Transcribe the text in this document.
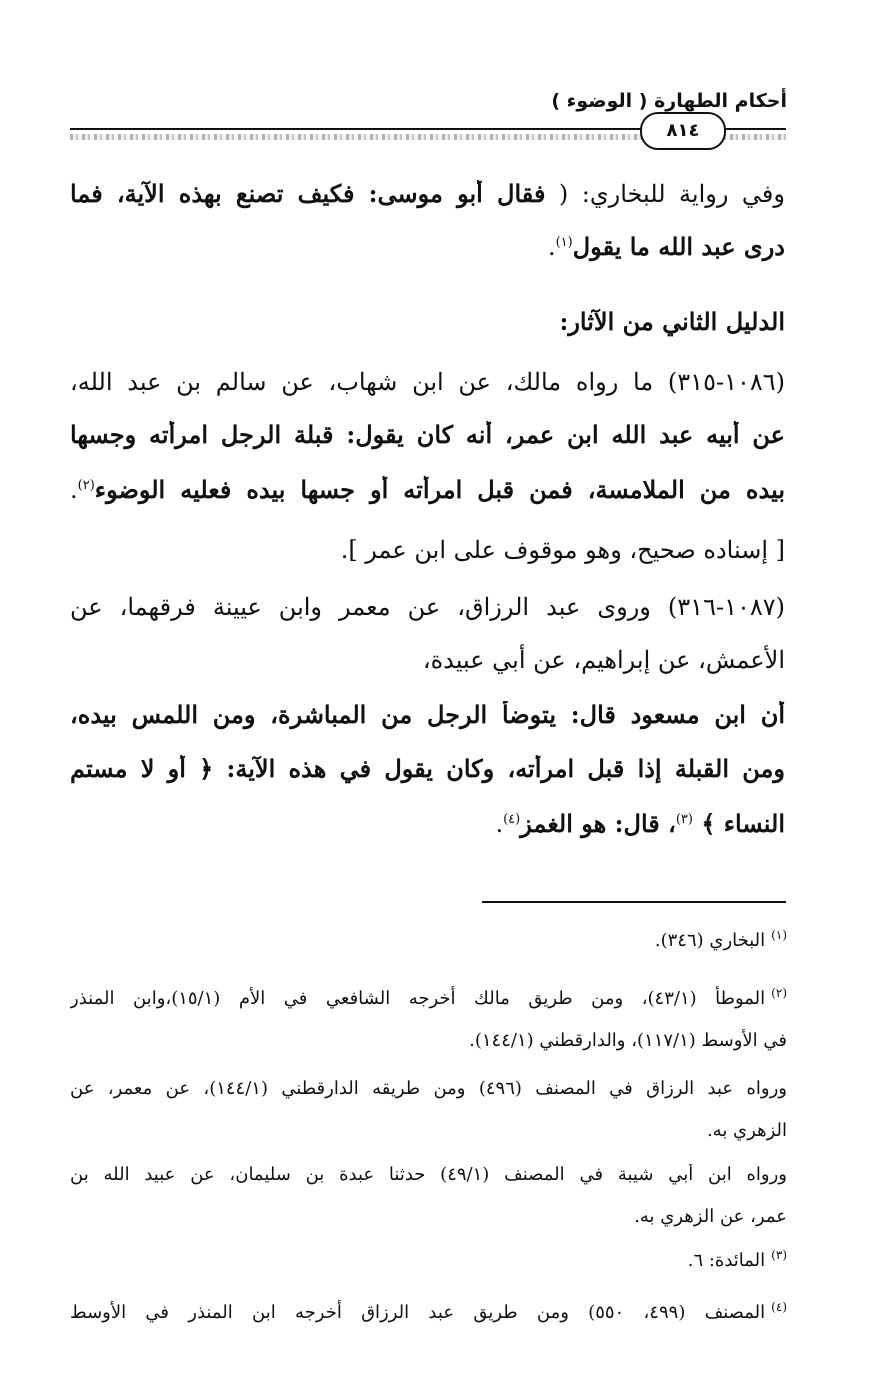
أحكام الطهارة ( الوضوء )
٨١٤
وفي رواية للبخاري: ( فقال أبو موسى: فكيف تصنع بهذه الآية، فما
درى عبد الله ما يقول$^{(١)}$.
الدليل الثاني من الآثار:
(١٠٨٦-٣١٥) ما رواه مالك، عن ابن شهاب، عن سالم بن عبد الله،
عن أبيه عبد الله ابن عمر، أنه كان يقول: قبلة الرجل امرأته وجسها
بيده من الملامسة، فمن قبل امرأته أو جسها بيده فعليه الوضوء$^{(٢)}$.
[ إسناده صحيح، وهو موقوف على ابن عمر ].
(١٠٨٧-٣١٦) وروى عبد الرزاق، عن معمر وابن عيينة فرقهما، عن
الأعمش، عن إبراهيم، عن أبي عبيدة،
أن ابن مسعود قال: يتوضأ الرجل من المباشرة، ومن اللمس بيده،
ومن القبلة إذا قبل امرأته، وكان يقول في هذه الآية: ﴿ أو لا مستم
النساء ﴾ $^{(٣)}$، قال: هو الغمز$^{(٤)}$.
$^{(١)}$البخاري (٣٤٦).
$^{(٢)}$الموطأ (٤٣/١)، ومن طريق مالك أخرجه الشافعي في الأم (١٥/١)،وابن المنذر
في الأوسط (١١٧/١)، والدارقطني (١٤٤/١).
ورواه عبد الرزاق في المصنف (٤٩٦) ومن طريقه الدارقطني (١٤٤/١)، عن معمر، عن
الزهري به.
ورواه ابن أبي شيبة في المصنف (٤٩/١) حدثنا عبدة بن سليمان، عن عبيد الله بن
عمر، عن الزهري به.
$^{(٣)}$المائدة: ٦.
$^{(٤)}$المصنف (٤٩٩، ٥٥٠) ومن طريق عبد الرزاق أخرجه ابن المنذر في الأوسط
